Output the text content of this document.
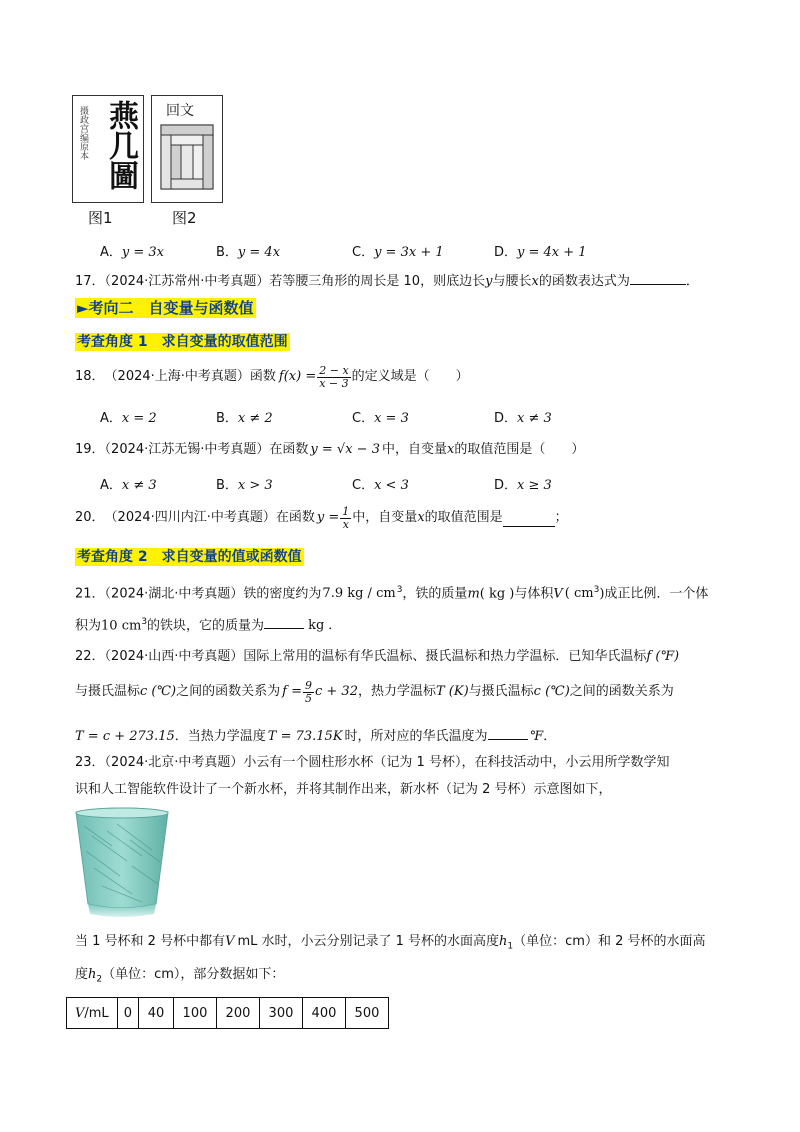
摄政宫编原本 燕几圖
图1
回文
图2
A．y = 3x	B．y = 4x	C．y = 3x + 1	D．y = 4x + 1
17．（2024·江苏常州·中考真题）若等腰三角形的周长是 10，则底边长y与腰长x的函数表达式为	．
►考向二　自变量与函数值
考查角度 1　求自变量的取值范围
18． （2024·上海·中考真题） 函数 $f(x) = \frac{2 - x}{x - 3}$ 的定义域是（　　）
A．x = 2	B．x ≠ 2	C．x = 3	D．x ≠ 3
19．（2024·江苏无锡·中考真题）在函数 y = √x − 3 中，自变量x的取值范围是（　　）
A．x ≠ 3	B．x > 3	C．x < 3	D．x ≥ 3
20． （2024·四川内江·中考真题） 在函数 $y = \frac{1}{x}$ 中，自变量 x 的取值范围是	；
考查角度 2　求自变量的值或函数值
21．（2024·湖北·中考真题）铁的密度约为7.9 kg / $cm^3$，铁的质量m( kg )与体积V ( $cm^3$)成正比例．一个体
积为10 $cm^3$的铁块，它的质量为	kg ．
22．（2024·山西·中考真题）国际上常用的温标有华氏温标、摄氏温标和热力学温标．已知华氏温标f (℉)
与摄氏温标 c (℃) 之间的函数关系为 $f = \frac{9}{5}$ c + 32 ，热力学温标 T (K) 与摄氏温标 c (℃) 之间的函数关系为
T = c + 273.15．当热力学温度 T = 73.15K 时，所对应的华氏温度为	℉．
23．（2024·北京·中考真题）小云有一个圆柱形水杯（记为 1 号杯），在科技活动中，小云用所学数学知
识和人工智能软件设计了一个新水杯，并将其制作出来，新水杯（记为 2 号杯）示意图如下，
当 1 号杯和 2 号杯中都有V mL 水时，小云分别记录了 1 号杯的水面高度$h_1$（单位：cm）和 2 号杯的水面高
度$h_2$（单位：cm），部分数据如下：
V/mL	0	40	100	200	300	400	500
